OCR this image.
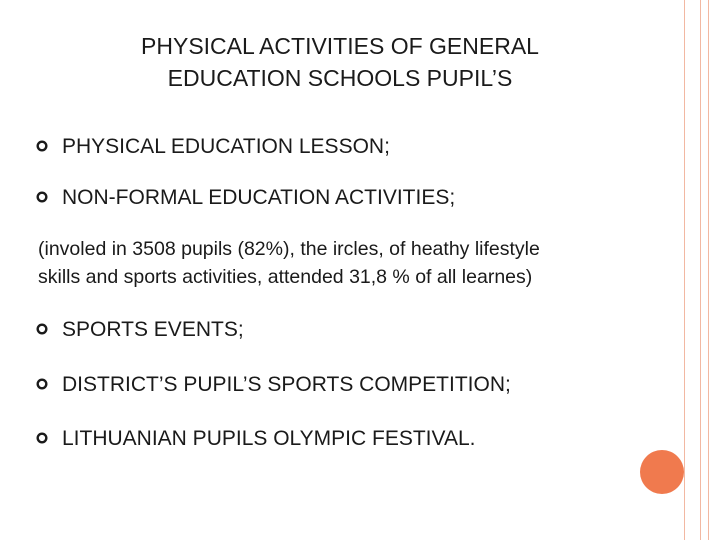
PHYSICAL ACTIVITIES OF GENERAL
EDUCATION SCHOOLS PUPIL’S
PHYSICAL EDUCATION LESSON;
NON-FORMAL EDUCATION ACTIVITIES;
(involed in 3508 pupils (82%), the ircles, of heathy lifestyle
skills and sports activities, attended 31,8 % of all learnes)
SPORTS EVENTS;
DISTRICT’S PUPIL’S SPORTS COMPETITION;
LITHUANIAN PUPILS OLYMPIC FESTIVAL.
